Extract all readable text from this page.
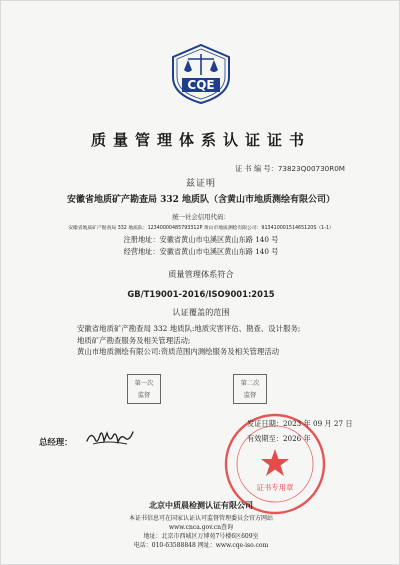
CQE
质量管理体系认证证书
证 书 编 号：73823Q00730R0M
兹证明
安徽省地质矿产勘查局 332 地质队（含黄山市地质测绘有限公司）
统一社会信用代码：
安徽省地质矿产勘查局 332 地质队：12340000485793312P 黄山市地质测绘有限公司：91341000151465120S（1-1）
注册地址：安徽省黄山市屯溪区黄山东路 140 号
经营地址：安徽省黄山市屯溪区黄山东路 140 号
质量管理体系符合
GB/T19001-2016/ISO9001:2015
认证覆盖的范围
安徽省地质矿产勘查局 332 地质队:地质灾害评估、勘查、设计服务;
地质矿产勘查服务及相关管理活动;
黄山市地质测绘有限公司:资质范围内测绘服务及相关管理活动
第一次
监督
第二次
监督
总经理：
证书专用章
发证日期：2023 年 09 月 27 日
有效期至：2026 年
北京中质晨检测认证有限公司
本证书信息可在国家认证认可监督管理委员会官方网站
www.cnca.gov.cn查询
地址：北京市西城区万博苑7号楼6区609室
电话：010-63588848 网址：www.cqe-iso.com
